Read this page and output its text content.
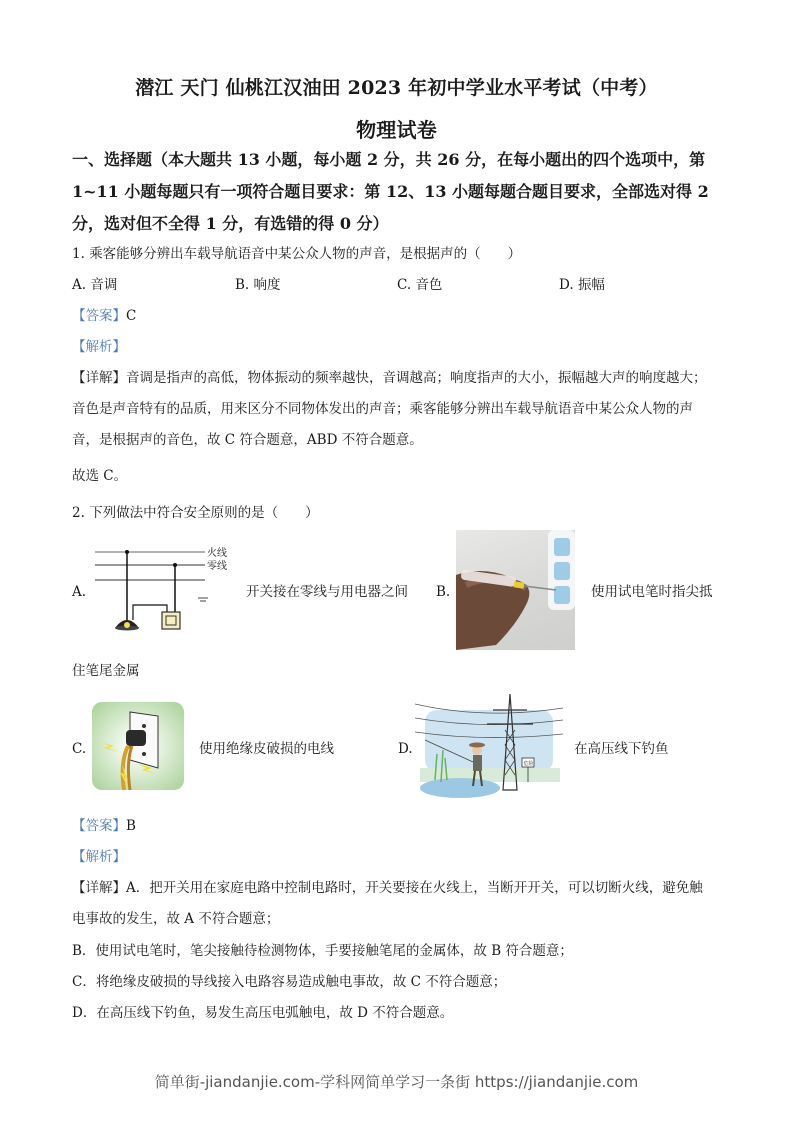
潜江 天门 仙桃江汉油田 2023 年初中学业水平考试（中考）
物理试卷
一、选择题（本大题共 13 小题，每小题 2 分，共 26 分，在每小题出的四个选项中，第 1~11 小题每题只有一项符合题目要求：第 12、13 小题每题合题目要求，全部选对得 2 分，选对但不全得 1 分，有选错的得 0 分）
1. 乘客能够分辨出车载导航语音中某公众人物的声音，是根据声的（　　）
A. 音调	B. 响度	C. 音色	D. 振幅
【答案】C
【解析】
【详解】音调是指声的高低，物体振动的频率越快，音调越高；响度指声的大小，振幅越大声的响度越大；
音色是声音特有的品质，用来区分不同物体发出的声音；乘客能够分辨出车载导航语音中某公众人物的声
音，是根据声的音色，故 C 符合题意，ABD 不符合题意。
故选 C。
2. 下列做法中符合安全原则的是（　　）
A.
火线
零线
开关接在零线与用电器之间 B.	使用试电笔时指尖抵
住笔尾金属
C.	使用绝缘皮破损的电线	D.
危险
在高压线下钓鱼
【答案】B
【解析】
【详解】A．把开关用在家庭电路中控制电路时，开关要接在火线上，当断开开关，可以切断火线，避免触
电事故的发生，故 A 不符合题意；
B．使用试电笔时，笔尖接触待检测物体，手要接触笔尾的金属体，故 B 符合题意；
C．将绝缘皮破损的导线接入电路容易造成触电事故，故 C 不符合题意；
D．在高压线下钓鱼，易发生高压电弧触电，故 D 不符合题意。
简单街-jiandanjie.com-学科网简单学习一条街 https://jiandanjie.com
